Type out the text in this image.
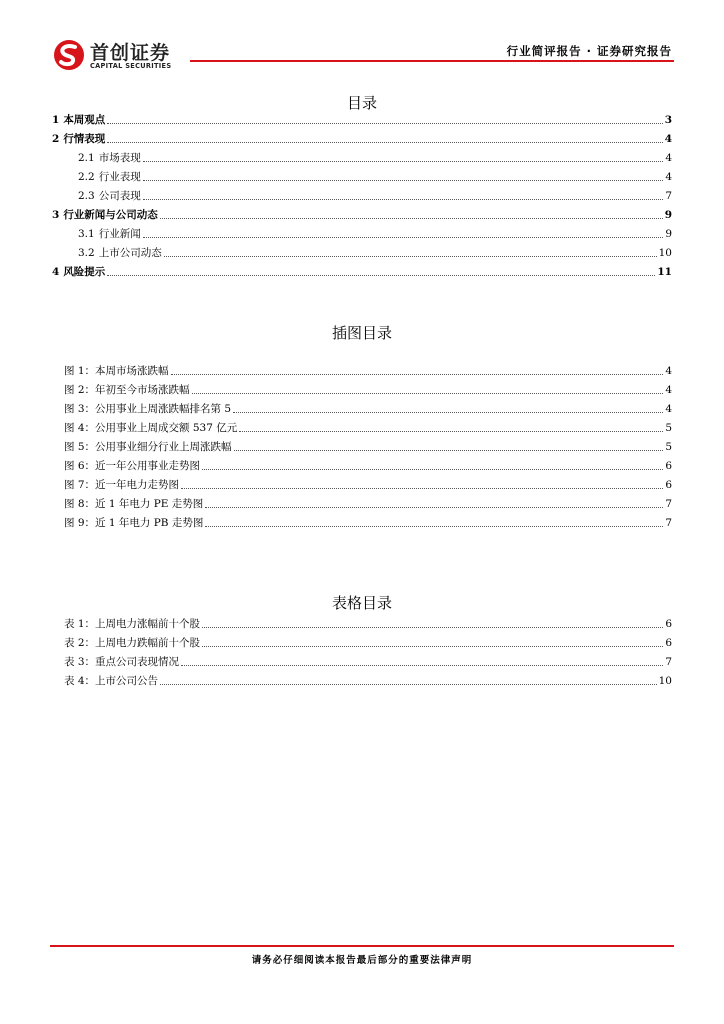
首创证券
CAPITAL SECURITIES
行业简评报告 · 证券研究报告
目录
1 本周观点	3
2 行情表现	4
2.1 市场表现	4
2.2 行业表现	4
2.3 公司表现	7
3 行业新闻与公司动态	9
3.1 行业新闻	9
3.2 上市公司动态	10
4 风险提示	11
插图目录
图 1：本周市场涨跌幅	4
图 2：年初至今市场涨跌幅	4
图 3：公用事业上周涨跌幅排名第 5	4
图 4：公用事业上周成交额 537 亿元	5
图 5：公用事业细分行业上周涨跌幅	5
图 6：近一年公用事业走势图	6
图 7：近一年电力走势图	6
图 8：近 1 年电力 PE 走势图	7
图 9：近 1 年电力 PB 走势图	7
表格目录
表 1：上周电力涨幅前十个股	6
表 2：上周电力跌幅前十个股	6
表 3：重点公司表现情况	7
表 4：上市公司公告	10
请务必仔细阅读本报告最后部分的重要法律声明
